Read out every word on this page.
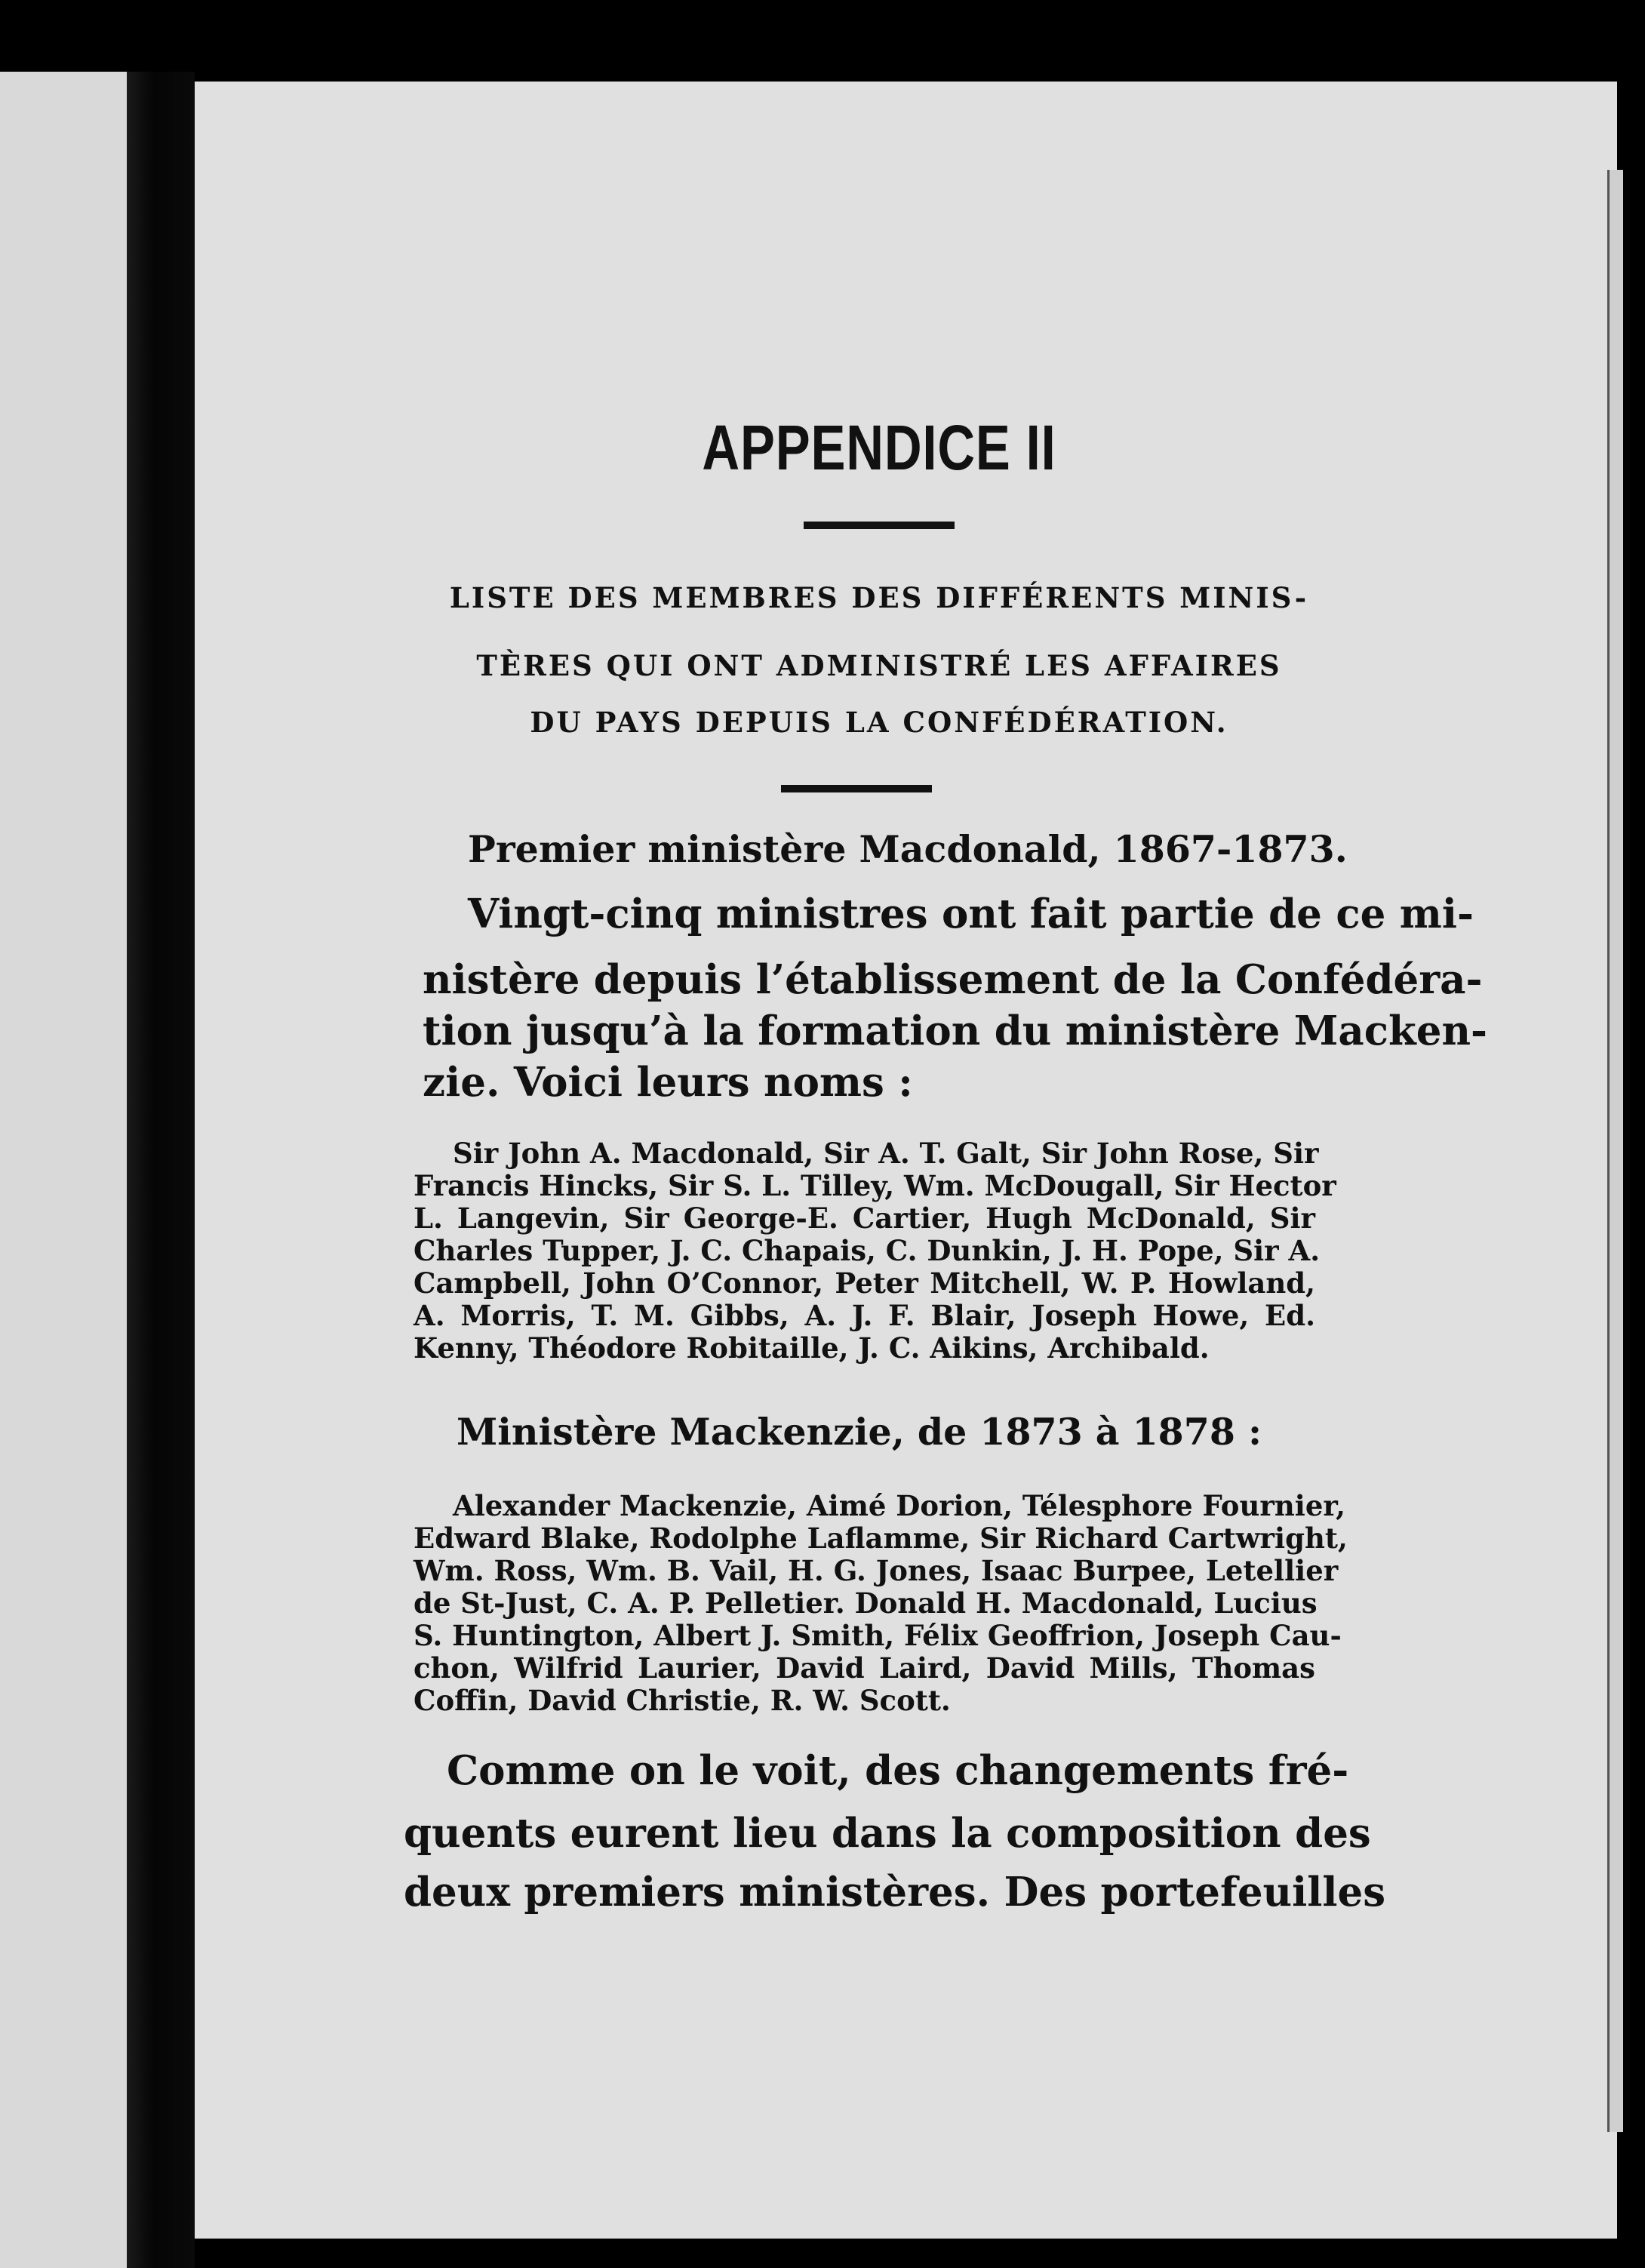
APPENDICE II
LISTE DES MEMBRES DES DIFFÉRENTS MINIS-
TÈRES QUI ONT ADMINISTRÉ LES AFFAIRES
DU PAYS DEPUIS LA CONFÉDÉRATION.
Premier ministère Macdonald, 1867-1873.
Vingt-cinq ministres ont fait partie de ce mi-
nistère depuis l’établissement de la Confédéra-
tion jusqu’à la formation du ministère Macken-
zie. Voici leurs noms :
Sir John A. Macdonald, Sir A. T. Galt, Sir John Rose, Sir
Francis Hincks, Sir S. L. Tilley, Wm. McDougall, Sir Hector
L. Langevin, Sir George-E. Cartier, Hugh McDonald, Sir
Charles Tupper, J. C. Chapais, C. Dunkin, J. H. Pope, Sir A.
Campbell, John O’Connor, Peter Mitchell, W. P. Howland,
A. Morris, T. M. Gibbs, A. J. F. Blair, Joseph Howe, Ed.
Kenny, Théodore Robitaille, J. C. Aikins, Archibald.
Ministère Mackenzie, de 1873 à 1878 :
Alexander Mackenzie, Aimé Dorion, Télesphore Fournier,
Edward Blake, Rodolphe Laflamme, Sir Richard Cartwright,
Wm. Ross, Wm. B. Vail, H. G. Jones, Isaac Burpee, Letellier
de St-Just, C. A. P. Pelletier. Donald H. Macdonald, Lucius
S. Huntington, Albert J. Smith, Félix Geoffrion, Joseph Cau-
chon, Wilfrid Laurier, David Laird, David Mills, Thomas
Coffin, David Christie, R. W. Scott.
Comme on le voit, des changements fré-
quents eurent lieu dans la composition des
deux premiers ministères. Des portefeuilles
